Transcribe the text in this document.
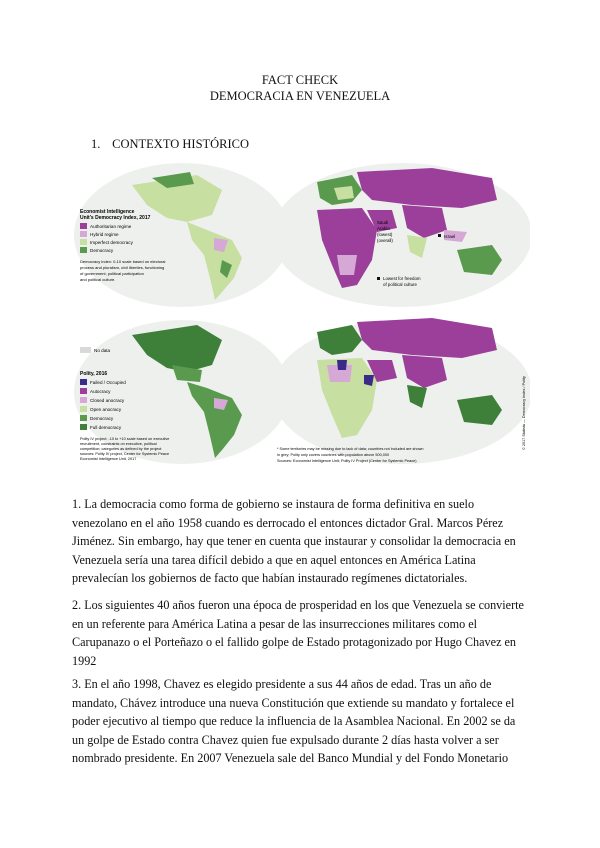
FACT CHECK
DEMOCRACIA EN VENEZUELA
1. CONTEXTO HISTÓRICO
Economist Intelligence
Unit's Democracy Index, 2017
Authoritarian regime
Hybrid regime
Imperfect democracy
Democracy
Democracy index: 0-10 scale based on electoral
process and pluralism, civil liberties, functioning
of government, political participation
and political culture.
Saudi
Arabia
(lowest)
(overall)
Israel
Lowest for freedom
of political culture
No data
Polity, 2016
Failed / Occupied
Autocracy
Closed anocracy
Open anocracy
Democracy
Full democracy
Polity IV project: -10 to +10 scale based on executive
recruitment, constraints on executive, political
competition; categories as defined by the project
sources: Polity IV project, Center for Systemic Peace
Economist Intelligence Unit, 2017
* Some territories may be missing due to lack of data; countries not included are shown
in grey; Polity only covers countries with population above 500,000
Sources: Economist Intelligence Unit; Polity IV Project (Center for Systemic Peace)
© 2017 Statista — Democracy Index / Polity
1. La democracia como forma de gobierno se instaura de forma definitiva en suelo
venezolano en el año 1958 cuando es derrocado el entonces dictador Gral. Marcos Pérez
Jiménez. Sin embargo, hay que tener en cuenta que instaurar y consolidar la democracia en
Venezuela sería una tarea difícil debido a que en aquel entonces en América Latina
prevalecían los gobiernos de facto que habían instaurado regímenes dictatoriales.
2. Los siguientes 40 años fueron una época de prosperidad en los que Venezuela se convierte
en un referente para América Latina a pesar de las insurrecciones militares como el
Carupanazo o el Porteñazo o el fallido golpe de Estado protagonizado por Hugo Chavez en
1992
3. En el año 1998, Chavez es elegido presidente a sus 44 años de edad. Tras un año de
mandato, Chávez introduce una nueva Constitución que extiende su mandato y fortalece el
poder ejecutivo al tiempo que reduce la influencia de la Asamblea Nacional. En 2002 se da
un golpe de Estado contra Chavez quien fue expulsado durante 2 días hasta volver a ser
nombrado presidente. En 2007 Venezuela sale del Banco Mundial y del Fondo Monetario
